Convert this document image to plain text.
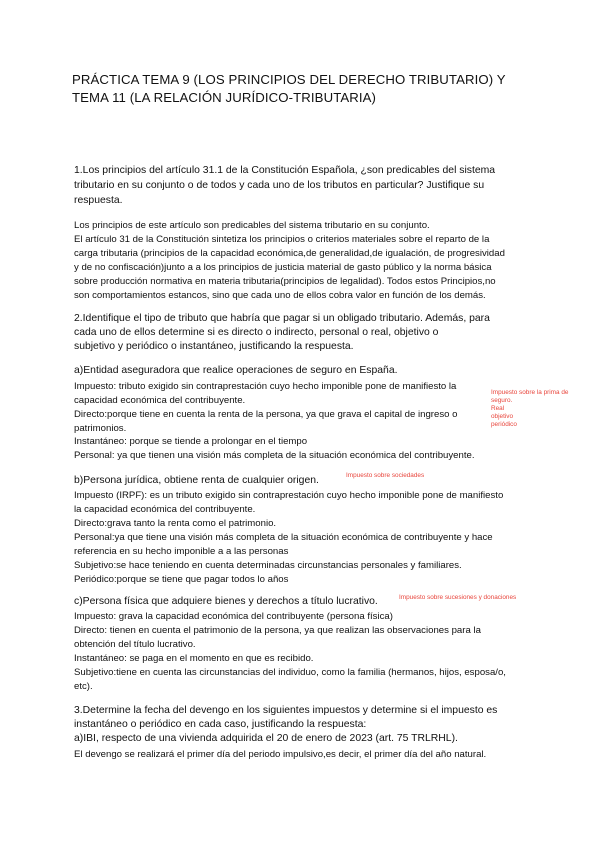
PRÁCTICA TEMA 9 (LOS PRINCIPIOS DEL DERECHO TRIBUTARIO) Y
TEMA 11 (LA RELACIÓN JURÍDICO-TRIBUTARIA)
1.Los principios del artículo 31.1 de la Constitución Española, ¿son predicables del sistema
tributario en su conjunto o de todos y cada uno de los tributos en particular? Justifique su
respuesta.
Los principios de este artículo son predicables del sistema tributario en su conjunto.
El artículo 31 de la Constitución sintetiza los principios o criterios materiales sobre el reparto de la
carga tributaria (principios de la capacidad económica,de generalidad,de igualación, de progresividad
y de no confiscación)junto a a los principios de justicia material de gasto público y la norma básica
sobre producción normativa en materia tributaria(principios de legalidad). Todos estos Principios,no
son comportamientos estancos, sino que cada uno de ellos cobra valor en función de los demás.
2.Identifique el tipo de tributo que habría que pagar si un obligado tributario. Además, para
cada uno de ellos determine si es directo o indirecto, personal o real, objetivo o
subjetivo y periódico o instantáneo, justificando la respuesta.
a)Entidad aseguradora que realice operaciones de seguro en España.
Impuesto: tributo exigido sin contraprestación cuyo hecho imponible pone de manifiesto la
capacidad económica del contribuyente.
Directo:porque tiene en cuenta la renta de la persona, ya que grava el capital de ingreso o
patrimonios.
Instantáneo: porque se tiende a prolongar en el tiempo
Personal: ya que tienen una visión más completa de la situación económica del contribuyente.
Impuesto sobre la prima de
seguro.
Real
objetivo
periódico
b)Persona jurídica, obtiene renta de cualquier origen.	Impuesto sobre sociedades
Impuesto (IRPF): es un tributo exigido sin contraprestación cuyo hecho imponible pone de manifiesto
la capacidad económica del contribuyente.
Directo:grava tanto la renta como el patrimonio.
Personal:ya que tiene una visión más completa de la situación económica de contribuyente y hace
referencia en su hecho imponible a a las personas
Subjetivo:se hace teniendo en cuenta determinadas circunstancias personales y familiares.
Periódico:porque se tiene que pagar todos lo años
c)Persona física que adquiere bienes y derechos a título lucrativo.	Impuesto sobre sucesiones y donaciones
Impuesto: grava la capacidad económica del contribuyente (persona física)
Directo: tienen en cuenta el patrimonio de la persona, ya que realizan las observaciones para la
obtención del título lucrativo.
Instantáneo: se paga en el momento en que es recibido.
Subjetivo:tiene en cuenta las circunstancias del individuo, como la familia (hermanos, hijos, esposa/o,
etc).
3.Determine la fecha del devengo en los siguientes impuestos y determine si el impuesto es
instantáneo o periódico en cada caso, justificando la respuesta:
a)IBI, respecto de una vivienda adquirida el 20 de enero de 2023 (art. 75 TRLRHL).
El devengo se realizará el primer día del periodo impulsivo,es decir, el primer día del año natural.
